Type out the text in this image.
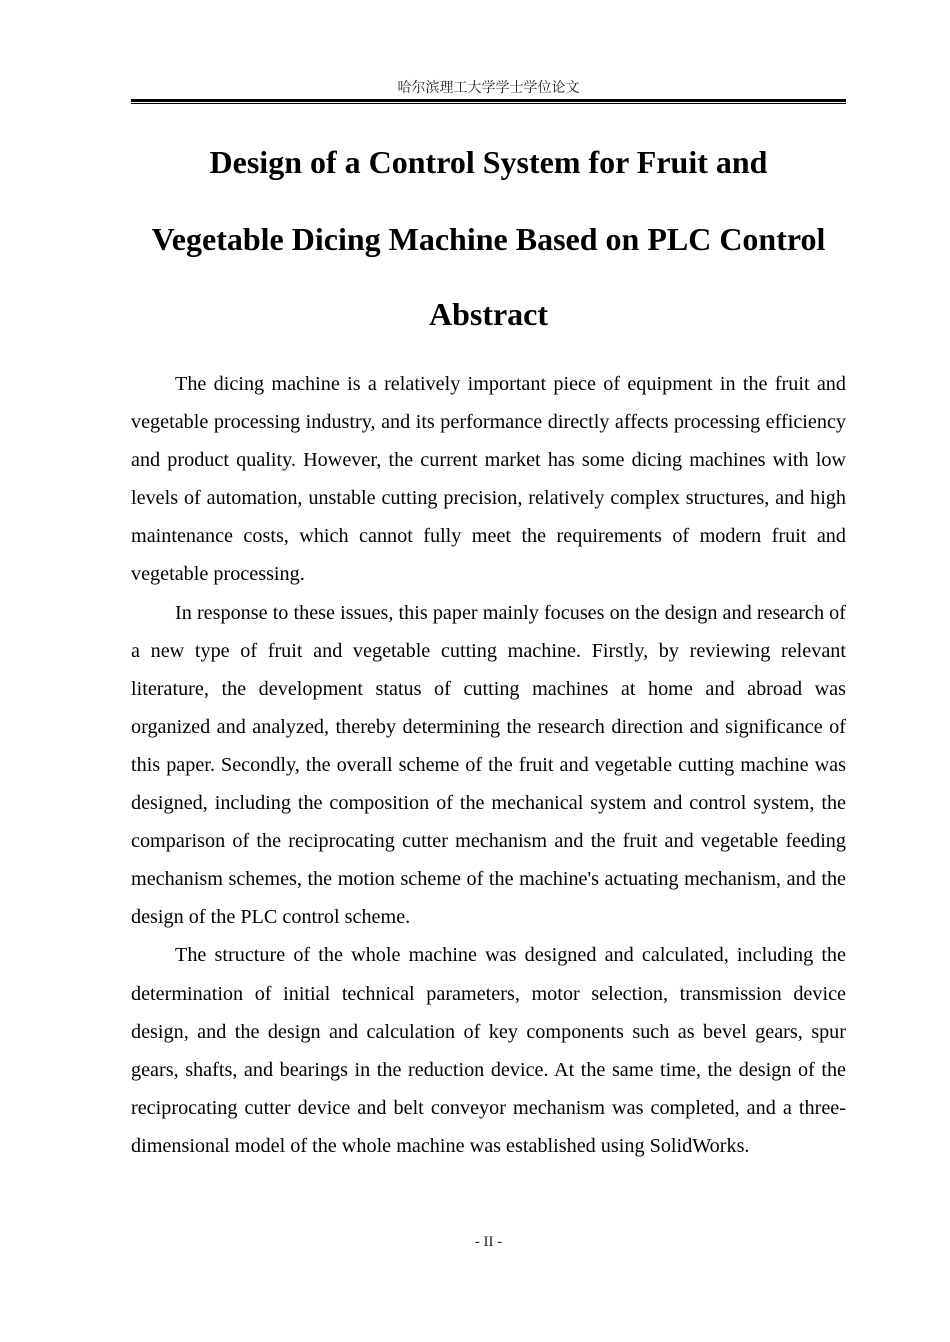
哈尔滨理工大学学士学位论文
Design of a Control System for Fruit and
Vegetable Dicing Machine Based on PLC Control
Abstract

The dicing machine is a relatively important piece of equipment in the fruit and vegetable processing industry, and its performance directly affects processing efficiency and product quality. However, the current market has some dicing machines with low levels of automation, unstable cutting precision, relatively complex structures, and high maintenance costs, which cannot fully meet the requirements of modern fruit and vegetable processing.

In response to these issues, this paper mainly focuses on the design and research of a new type of fruit and vegetable cutting machine. Firstly, by reviewing relevant literature, the development status of cutting machines at home and abroad was organized and analyzed, thereby determining the research direction and significance of this paper. Secondly, the overall scheme of the fruit and vegetable cutting machine was designed, including the composition of the mechanical system and control system, the comparison of the reciprocating cutter mechanism and the fruit and vegetable feeding mechanism schemes, the motion scheme of the machine's actuating mechanism, and the design of the PLC control scheme.

The structure of the whole machine was designed and calculated, including the determination of initial technical parameters, motor selection, transmission device design, and the design and calculation of key components such as bevel gears, spur gears, shafts, and bearings in the reduction device. At the same time, the design of the reciprocating cutter device and belt conveyor mechanism was completed, and a three-dimensional model of the whole machine was established using SolidWorks.

- II -
